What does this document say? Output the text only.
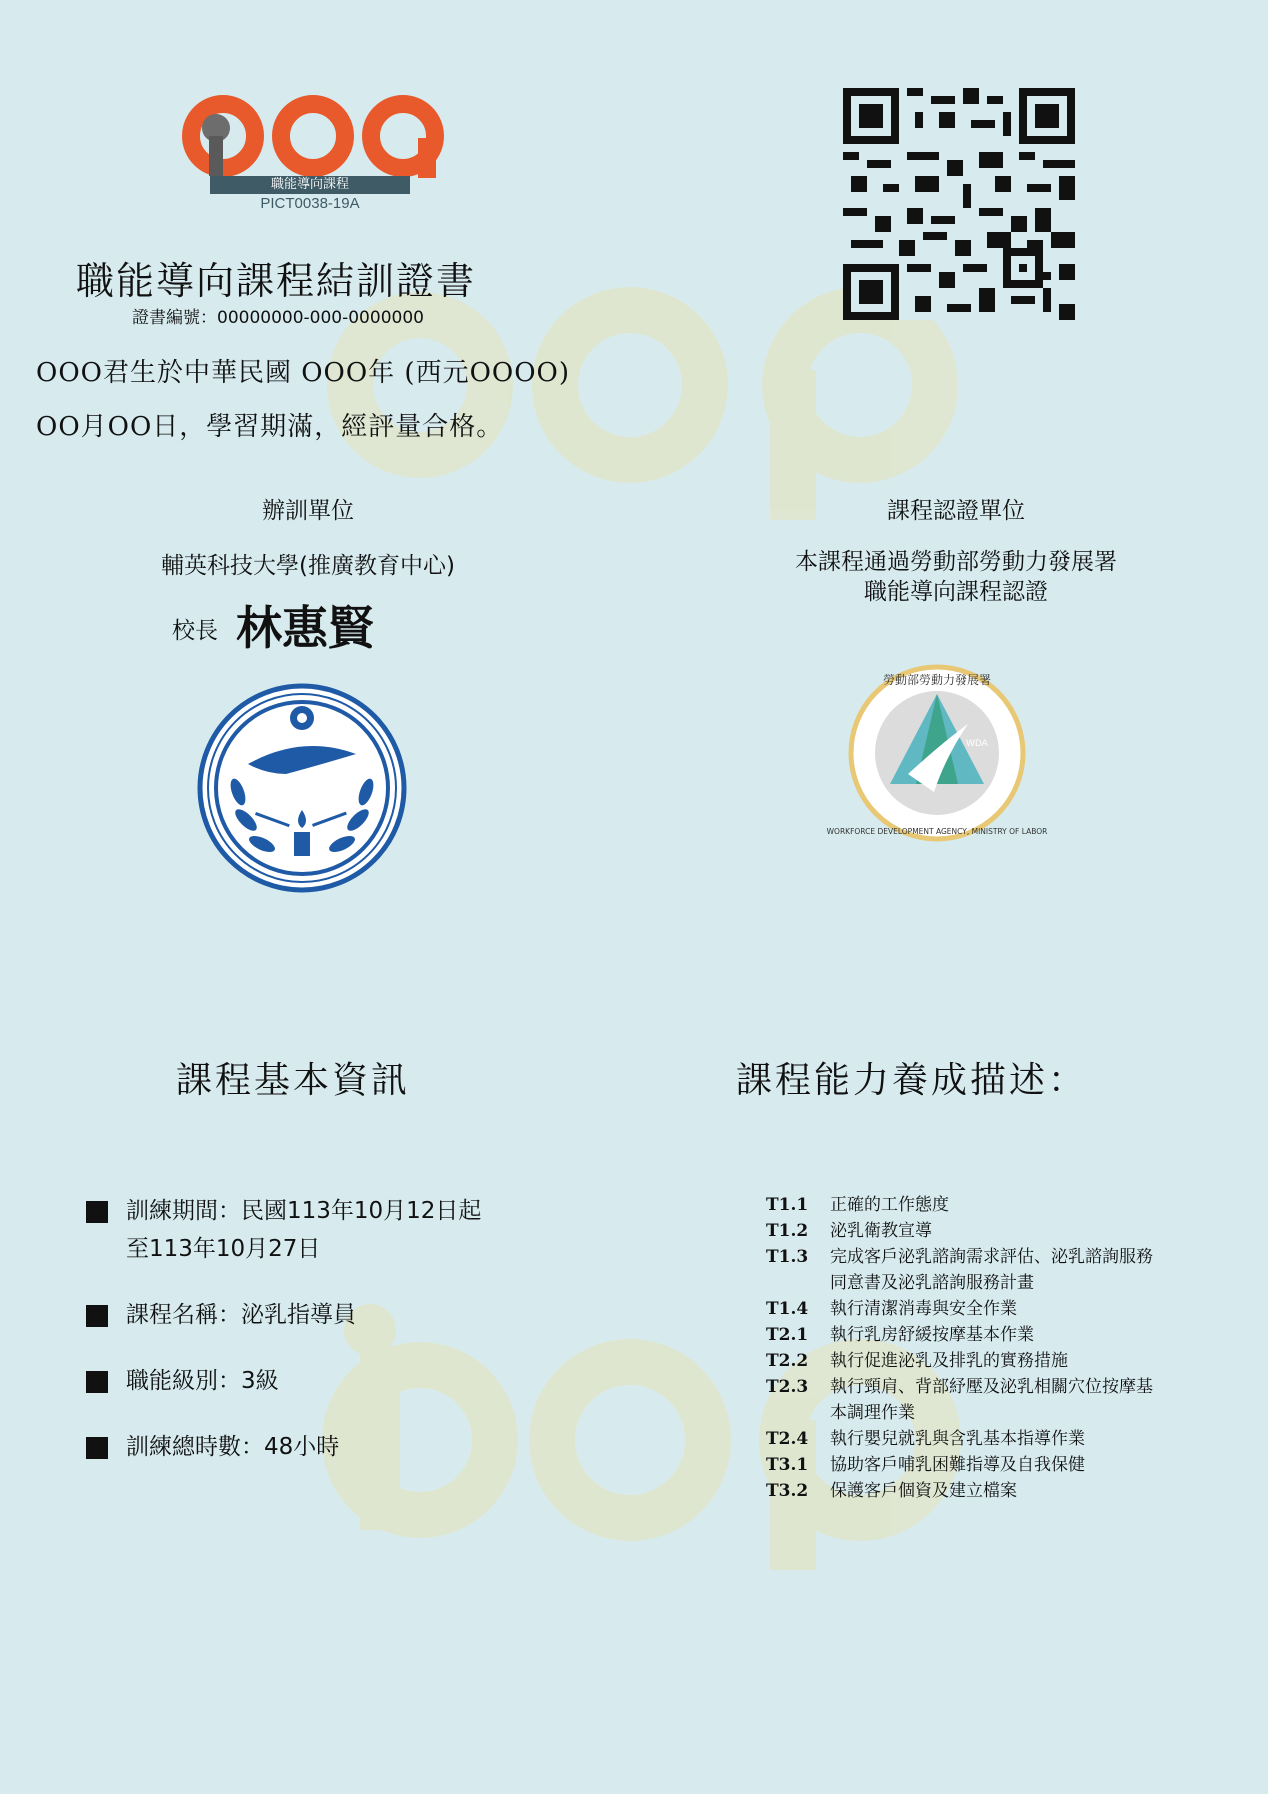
職能導向課程
PICT0038-19A
職能導向課程結訓證書
證書編號：00000000-000-0000000
OOO君生於中華民國 OOO年 (西元OOOO)
OO月OO日，學習期滿，經評量合格。
辦訓單位
輔英科技大學(推廣教育中心)
校長 林惠賢
課程認證單位
本課程通過勞動部勞動力發展署
職能導向課程認證
WDA
勞動部勞動力發展署
WORKFORCE DEVELOPMENT AGENCY, MINISTRY OF LABOR
課程基本資訊	課程能力養成描述：
訓練期間：民國113年10月12日起
至113年10月27日
課程名稱：泌乳指導員
職能級別：3級
訓練總時數：48小時
T1.1	正確的工作態度
T1.2	泌乳衛教宣導
T1.3	完成客戶泌乳諮詢需求評估、泌乳諮詢服務同意書及泌乳諮詢服務計畫
T1.4	執行清潔消毒與安全作業
T2.1	執行乳房舒緩按摩基本作業
T2.2	執行促進泌乳及排乳的實務措施
T2.3	執行頸肩、背部紓壓及泌乳相關穴位按摩基本調理作業
T2.4	執行嬰兒就乳與含乳基本指導作業
T3.1	協助客戶哺乳困難指導及自我保健
T3.2	保護客戶個資及建立檔案
